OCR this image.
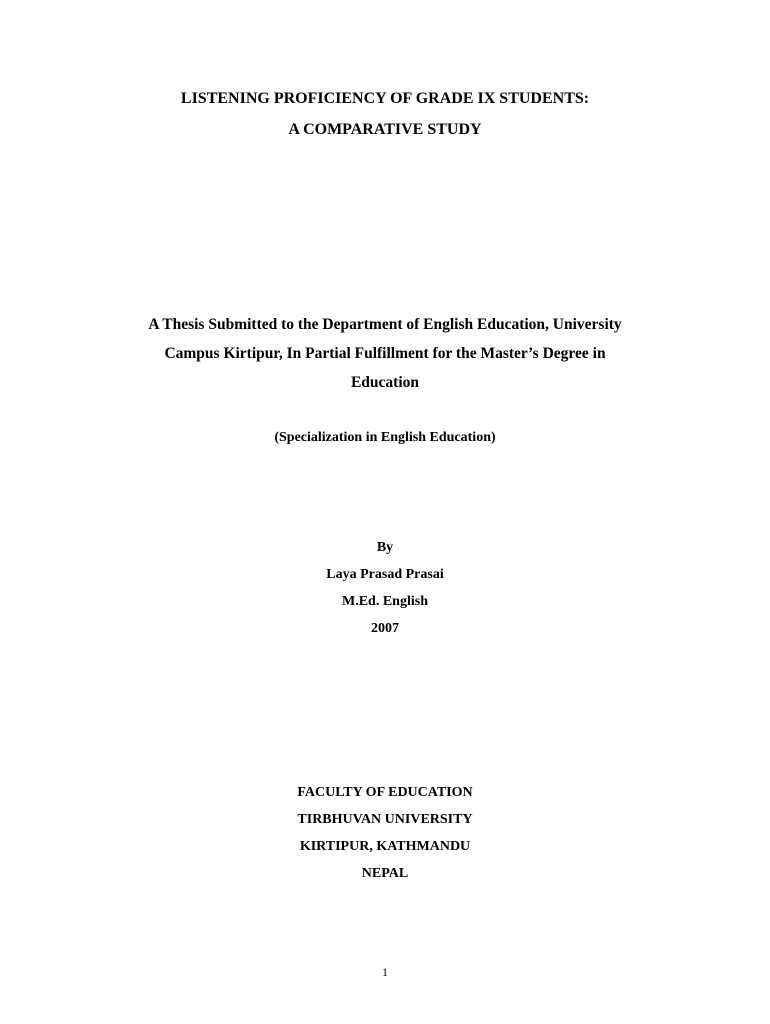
LISTENING PROFICIENCY OF GRADE IX STUDENTS:
A COMPARATIVE STUDY
A Thesis Submitted to the Department of English Education, University
Campus Kirtipur, In Partial Fulfillment for the Master’s Degree in
Education
(Specialization in English Education)
By
Laya Prasad Prasai
M.Ed. English
2007
FACULTY OF EDUCATION
TIRBHUVAN UNIVERSITY
KIRTIPUR, KATHMANDU
NEPAL
1
